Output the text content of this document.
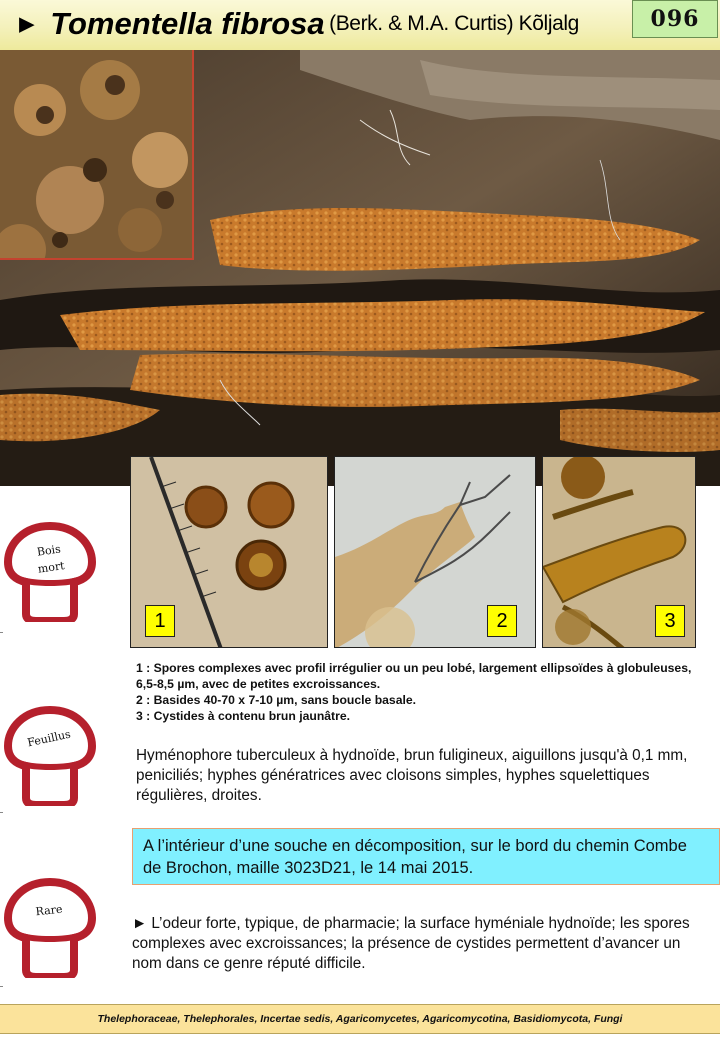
► Tomentella fibrosa (Berk. & M.A. Curtis) Kõljalg	096
1	2	3
Bois
mort
Feuillus
Rare
1 : Spores complexes avec profil irrégulier ou un peu lobé, largement ellipsoïdes à globuleuses, 6,5-8,5 µm, avec de petites excroissances.
2 : Basides 40-70 x 7-10 µm, sans boucle basale.
3 : Cystides à contenu brun jaunâtre.
Hyménophore tuberculeux à hydnoïde, brun fuligineux, aiguillons jusqu'à 0,1 mm, peniciliés; hyphes génératrices avec cloisons simples, hyphes squelettiques régulières, droites.
A l’intérieur d’une souche en décomposition, sur le bord du chemin Combe de Brochon, maille 3023D21, le 14 mai 2015.
► L’odeur forte, typique, de pharmacie; la surface hyméniale hydnoïde; les spores complexes avec excroissances; la présence de cystides permettent d’avancer un nom dans ce genre réputé difficile.
Thelephoraceae, Thelephorales, Incertae sedis, Agaricomycetes, Agaricomycotina, Basidiomycota, Fungi
